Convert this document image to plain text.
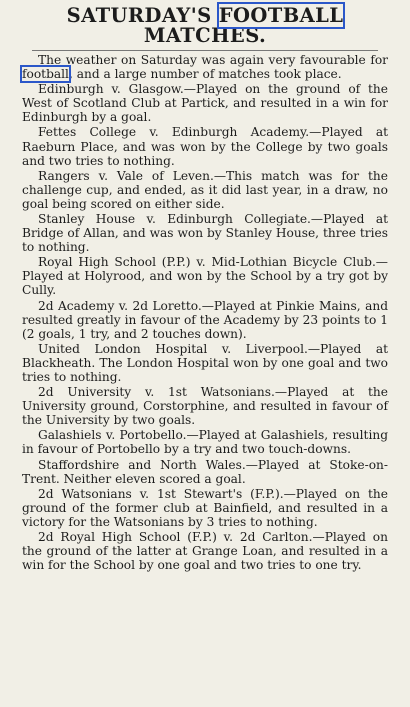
SATURDAY'S FOOTBALL
MATCHES.

The weather on Saturday was again very favourable for football, and a large number of matches took place.

Edinburgh v. Glasgow.—Played on the ground of the West of Scotland Club at Partick, and resulted in a win for Edinburgh by a goal.

Fettes College v. Edinburgh Academy.—Played at Raeburn Place, and was won by the College by two goals and two tries to nothing.

Rangers v. Vale of Leven.—This match was for the challenge cup, and ended, as it did last year, in a draw, no goal being scored on either side.

Stanley House v. Edinburgh Collegiate.—Played at Bridge of Allan, and was won by Stanley House, three tries to nothing.

Royal High School (P.P.) v. Mid-Lothian Bicycle Club.—Played at Holyrood, and won by the School by a try got by Cully.

2d Academy v. 2d Loretto.—Played at Pinkie Mains, and resulted greatly in favour of the Academy by 23 points to 1 (2 goals, 1 try, and 2 touches down).

United London Hospital v. Liverpool.—Played at Blackheath. The London Hospital won by one goal and two tries to nothing.

2d University v. 1st Watsonians.—Played at the University ground, Corstorphine, and resulted in favour of the University by two goals.

Galashiels v. Portobello.—Played at Galashiels, resulting in favour of Portobello by a try and two touch-downs.

Staffordshire and North Wales.—Played at Stoke-on-Trent. Neither eleven scored a goal.

2d Watsonians v. 1st Stewart's (F.P.).—Played on the ground of the former club at Bainfield, and resulted in a victory for the Watsonians by 3 tries to nothing.

2d Royal High School (F.P.) v. 2d Carlton.—Played on the ground of the latter at Grange Loan, and resulted in a win for the School by one goal and two tries to one try.
